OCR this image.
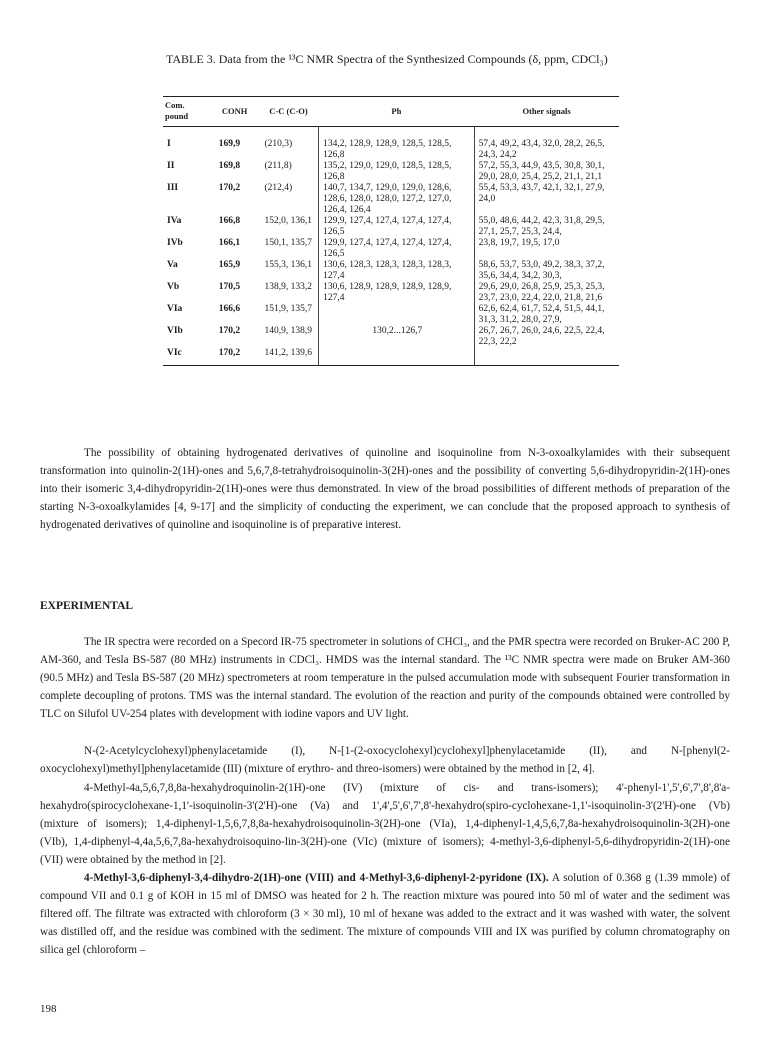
TABLE 3. Data from the ¹³C NMR Spectra of the Synthesized Compounds (δ, ppm, CDCl₃)
Com. pound	CONH	C-C (C-O)	Ph	Other signals

I	169,9	(210,3)	134,2, 128,9, 128,9, 128,5, 128,5, 126,8	57,4, 49,2, 43,4, 32,0, 28,2, 26,5, 24,3, 24,2
II	169,8	(211,8)	135,2, 129,0, 129,0, 128,5, 128,5, 126,8	57,2, 55,3, 44,9, 43,5, 30,8, 30,1, 29,0, 28,0, 25,4, 25,2, 21,1, 21,1
III	170,2	(212,4)	140,7, 134,7, 129,0, 129,0, 128,6, 128,6, 128,0, 128,0, 127,2, 127,0, 126,4, 126,4	55,4, 53,3, 43,7, 42,1, 32,1, 27,9, 24,0
IVa	166,8	152,0, 136,1	129,9, 127,4, 127,4, 127,4, 127,4, 126,5	55,0, 48,6, 44,2, 42,3, 31,8, 29,5, 27,1, 25,7, 25,3, 24,4,
IVb	166,1	150,1, 135,7	129,9, 127,4, 127,4, 127,4, 127,4, 126,5	23,8, 19,7, 19,5, 17,0
Va	165,9	155,3, 136,1	130,6, 128,3, 128,3, 128,3, 128,3, 127,4	58,6, 53,7, 53,0, 49,2, 38,3, 37,2, 35,6, 34,4, 34,2, 30,3,
Vb	170,5	138,9, 133,2	130,6, 128,9, 128,9, 128,9, 128,9, 127,4	29,6, 29,0, 26,8, 25,9, 25,3, 25,3, 23,7, 23,0, 22,4, 22,0, 21,8, 21,6
VIa	166,6	151,9, 135,7		62,6, 62,4, 61,7, 52,4, 51,5, 44,1, 31,3, 31,2, 28,0, 27,9,
VIb	170,2	140,9, 138,9	130,2...126,7	26,7, 26,7, 26,0, 24,6, 22,5, 22,4, 22,3, 22,2
VIc	170,2	141,2, 139,6		

The possibility of obtaining hydrogenated derivatives of quinoline and isoquinoline from N-3-oxoalkylamides with their subsequent transformation into quinolin-2(1H)-ones and 5,6,7,8-tetrahydroisoquinolin-3(2H)-ones and the possibility of converting 5,6-dihydropyridin-2(1H)-ones into their isomeric 3,4-dihydropyridin-2(1H)-ones were thus demonstrated. In view of the broad possibilities of different methods of preparation of the starting N-3-oxoalkylamides [4, 9-17] and the simplicity of conducting the experiment, we can conclude that the proposed approach to synthesis of hydrogenated derivatives of quinoline and isoquinoline is of preparative interest.

EXPERIMENTAL

The IR spectra were recorded on a Specord IR-75 spectrometer in solutions of CHCl₃, and the PMR spectra were recorded on Bruker-AC 200 P, AM-360, and Tesla BS-587 (80 MHz) instruments in CDCl₃. HMDS was the internal standard. The ¹³C NMR spectra were made on Bruker AM-360 (90.5 MHz) and Tesla BS-587 (20 MHz) spectrometers at room temperature in the pulsed accumulation mode with subsequent Fourier transformation in complete decoupling of protons. TMS was the internal standard. The evolution of the reaction and purity of the compounds obtained were controlled by TLC on Silufol UV-254 plates with development with iodine vapors and UV light.

N-(2-Acetylcyclohexyl)phenylacetamide (I), N-[1-(2-oxocyclohexyl)cyclohexyl]phenylacetamide (II), and N-[phenyl(2-oxocyclohexyl)methyl]phenylacetamide (III) (mixture of erythro- and threo-isomers) were obtained by the method in [2, 4].

4-Methyl-4a,5,6,7,8,8a-hexahydroquinolin-2(1H)-one (IV) (mixture of cis- and trans-isomers); 4'-phenyl-1',5',6',7',8',8'a-hexahydro(spirocyclohexane-1,1'-isoquinolin-3'(2'H)-one (Va) and 1',4',5',6',7',8'-hexahydro(spiro-cyclohexane-1,1'-isoquinolin-3'(2'H)-one (Vb) (mixture of isomers); 1,4-diphenyl-1,5,6,7,8,8a-hexahydroisoquinolin-3(2H)-one (VIa), 1,4-diphenyl-1,4,5,6,7,8a-hexahydroisoquinolin-3(2H)-one (VIb), 1,4-diphenyl-4,4a,5,6,7,8a-hexahydroisoquino-lin-3(2H)-one (VIc) (mixture of isomers); 4-methyl-3,6-diphenyl-5,6-dihydropyridin-2(1H)-one (VII) were obtained by the method in [2].

4-Methyl-3,6-diphenyl-3,4-dihydro-2(1H)-one (VIII) and 4-Methyl-3,6-diphenyl-2-pyridone (IX). A solution of 0.368 g (1.39 mmole) of compound VII and 0.1 g of KOH in 15 ml of DMSO was heated for 2 h. The reaction mixture was poured into 50 ml of water and the sediment was filtered off. The filtrate was extracted with chloroform (3 × 30 ml), 10 ml of hexane was added to the extract and it was washed with water, the solvent was distilled off, and the residue was combined with the sediment. The mixture of compounds VIII and IX was purified by column chromatography on silica gel (chloroform –

198
